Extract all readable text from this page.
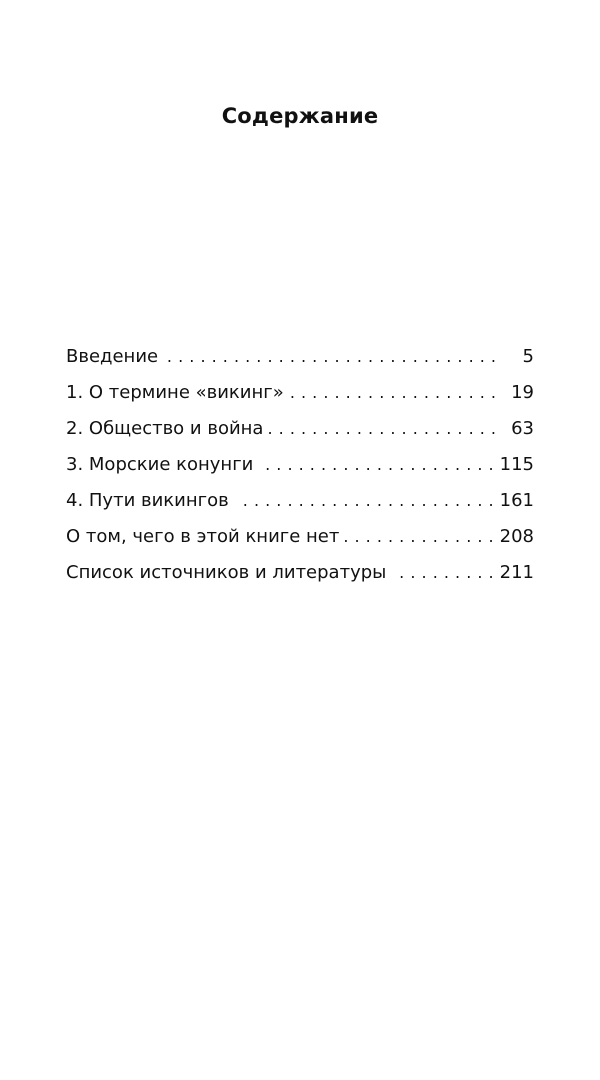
Содержание
Введение . . .	5
1. О термине «викинг» . . .	19
2. Общество и война . . .	63
3. Морские конунги . . .	115
4. Пути викингов . . .	161
О том, чего в этой книге нет . . .	208
Список источников и литературы . . .	211
